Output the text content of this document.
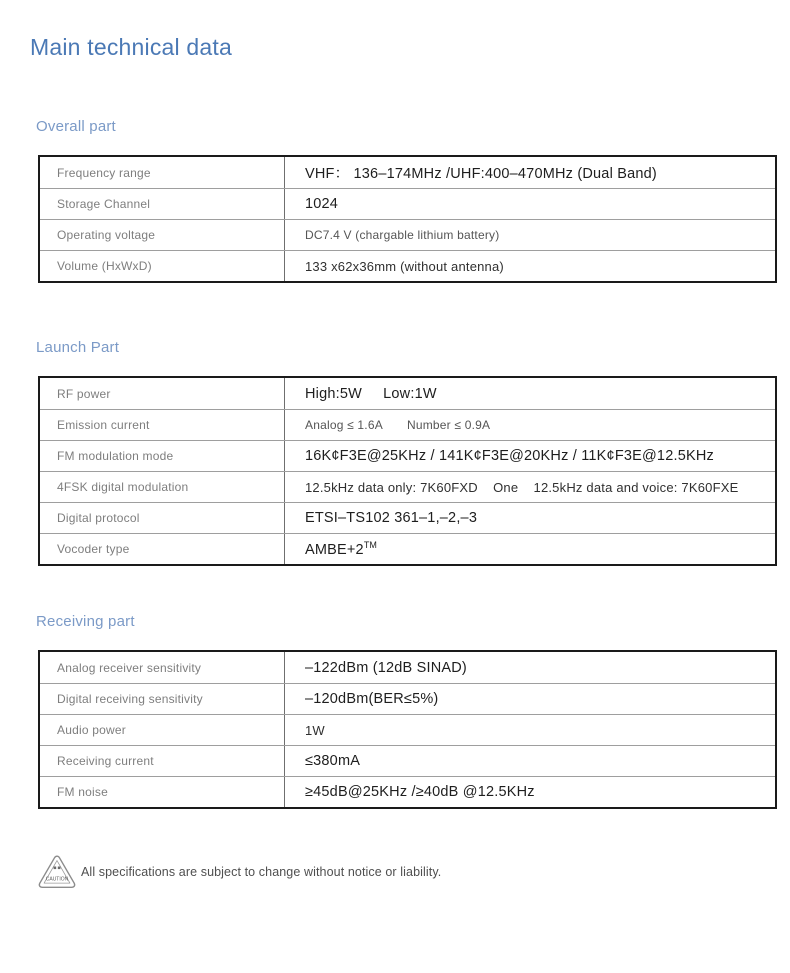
Main technical data
Overall part
Frequency range	VHF： 136–174MHz /UHF:400–470MHz (Dual Band)
Storage Channel	1024
Operating voltage	DC7.4 V (chargable lithium battery)
Volume (HxWxD)	133 x62x36mm (without antenna)
Launch Part
RF power	High:5W     Low:1W
Emission current	Analog ≤ 1.6A       Number ≤ 0.9A
FM modulation mode	16K¢F3E@25KHz / 141K¢F3E@20KHz / 11K¢F3E@12.5KHz
4FSK digital modulation	12.5kHz data only: 7K60FXD    One    12.5kHz data and voice: 7K60FXE
Digital protocol	ETSI–TS102 361–1,–2,–3
Vocoder type	AMBE+2™
Receiving part
Analog receiver sensitivity	–122dBm (12dB SINAD)
Digital receiving sensitivity	–120dBm(BER≤5%)
Audio power	1W
Receiving current	≤380mA
FM noise	≥45dB@25KHz /≥40dB @12.5KHz
CAUTION
All specifications are subject to change without notice or liability.
